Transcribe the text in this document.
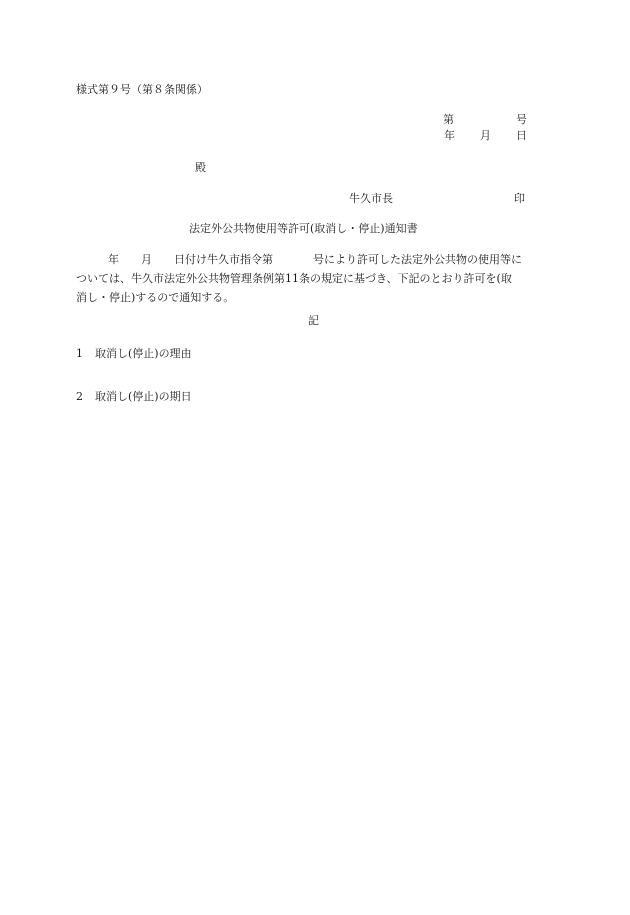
様式第９号（第８条関係）
第	号
年 月 日
殿
牛久市長	印
法定外公共物使用等許可(取消し・停止)通知書
年 月 日付け牛久市指令第	号により許可した法定外公共物の使用等に
ついては、牛久市法定外公共物管理条例第11条の規定に基づき、下記のとおり許可を(取
消し・停止)するので通知する。
記
1 取消し(停止)の理由
2 取消し(停止)の期日
